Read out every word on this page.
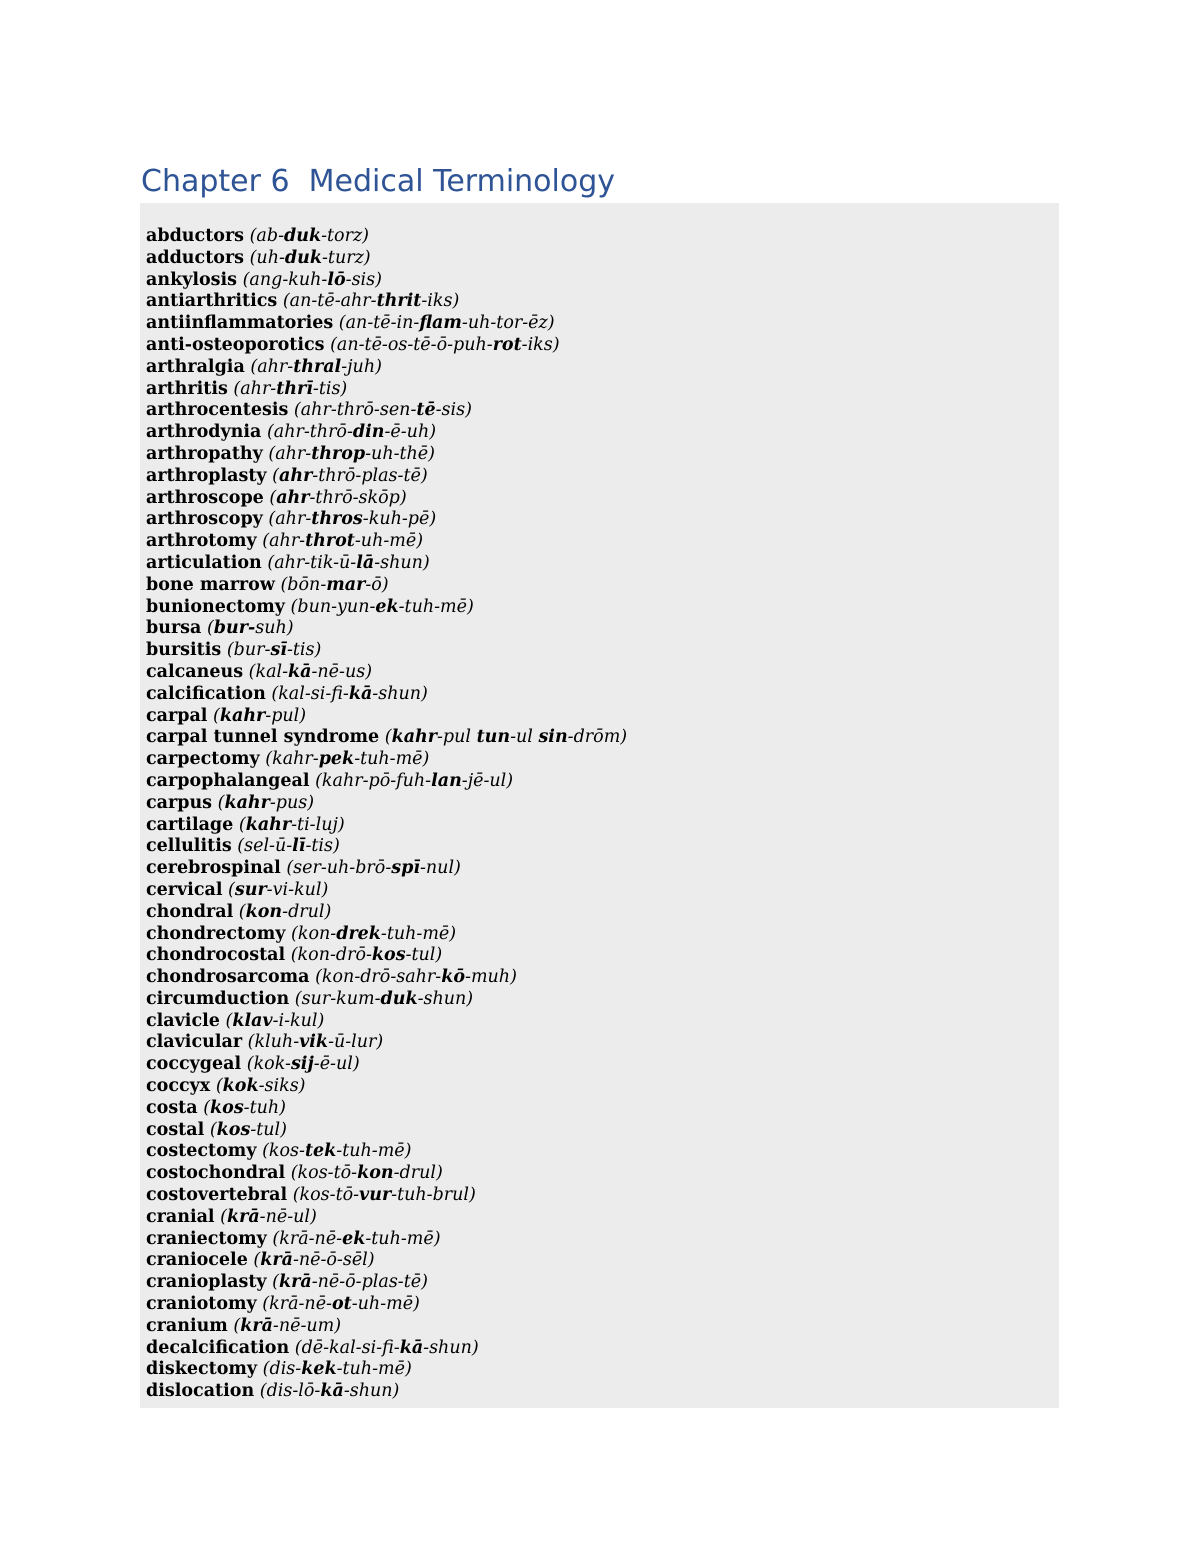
Chapter 6  Medical Terminology
abductors (ab-duk-torz)
adductors (uh-duk-turz)
ankylosis (ang-kuh-lō-sis)
antiarthritics (an-tē-ahr-thrit-iks)
antiinflammatories (an-tē-in-flam-uh-tor-ēz)
anti-osteoporotics (an-tē-os-tē-ō-puh-rot-iks)
arthralgia (ahr-thral-juh)
arthritis (ahr-thrī-tis)
arthrocentesis (ahr-thrō-sen-tē-sis)
arthrodynia (ahr-thrō-din-ē-uh)
arthropathy (ahr-throp-uh-thē)
arthroplasty (ahr-thrō-plas-tē)
arthroscope (ahr-thrō-skōp)
arthroscopy (ahr-thros-kuh-pē)
arthrotomy (ahr-throt-uh-mē)
articulation (ahr-tik-ū-lā-shun)
bone marrow (bōn-mar-ō)
bunionectomy (bun-yun-ek-tuh-mē)
bursa (bur-suh)
bursitis (bur-sī-tis)
calcaneus (kal-kā-nē-us)
calcification (kal-si-fi-kā-shun)
carpal (kahr-pul)
carpal tunnel syndrome (kahr-pul tun-ul sin-drōm)
carpectomy (kahr-pek-tuh-mē)
carpophalangeal (kahr-pō-fuh-lan-jē-ul)
carpus (kahr-pus)
cartilage (kahr-ti-luj)
cellulitis (sel-ū-lī-tis)
cerebrospinal (ser-uh-brō-spī-nul)
cervical (sur-vi-kul)
chondral (kon-drul)
chondrectomy (kon-drek-tuh-mē)
chondrocostal (kon-drō-kos-tul)
chondrosarcoma (kon-drō-sahr-kō-muh)
circumduction (sur-kum-duk-shun)
clavicle (klav-i-kul)
clavicular (kluh-vik-ū-lur)
coccygeal (kok-sij-ē-ul)
coccyx (kok-siks)
costa (kos-tuh)
costal (kos-tul)
costectomy (kos-tek-tuh-mē)
costochondral (kos-tō-kon-drul)
costovertebral (kos-tō-vur-tuh-brul)
cranial (krā-nē-ul)
craniectomy (krā-nē-ek-tuh-mē)
craniocele (krā-nē-ō-sēl)
cranioplasty (krā-nē-ō-plas-tē)
craniotomy (krā-nē-ot-uh-mē)
cranium (krā-nē-um)
decalcification (dē-kal-si-fi-kā-shun)
diskectomy (dis-kek-tuh-mē)
dislocation (dis-lō-kā-shun)
